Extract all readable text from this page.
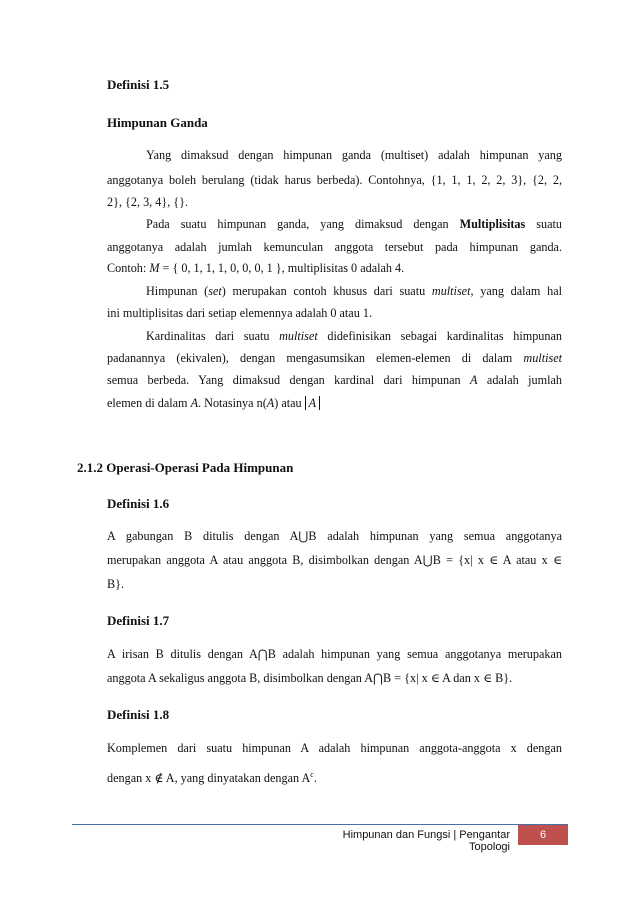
Definisi 1.5
Himpunan Ganda
Yang dimaksud dengan himpunan ganda (multiset) adalah himpunan yang
anggotanya boleh berulang (tidak harus berbeda). Contohnya, {1, 1, 1, 2, 2, 3}, {2, 2,
2}, {2, 3, 4}, {}.
Pada suatu himpunan ganda, yang dimaksud dengan Multiplisitas suatu
anggotanya adalah jumlah kemunculan anggota tersebut pada himpunan ganda.
Contoh: M = { 0, 1, 1, 1, 0, 0, 0, 1 }, multiplisitas 0 adalah 4.
Himpunan (set) merupakan contoh khusus dari suatu multiset, yang dalam hal
ini multiplisitas dari setiap elemennya adalah 0 atau 1.
Kardinalitas dari suatu multiset didefinisikan sebagai kardinalitas himpunan
padanannya (ekivalen), dengan mengasumsikan elemen-elemen di dalam multiset
semua berbeda. Yang dimaksud dengan kardinal dari himpunan A adalah jumlah
elemen di dalam A. Notasinya n(A) atau A
2.1.2 Operasi-Operasi Pada Himpunan
Definisi 1.6
A gabungan B ditulis dengan A⋃B adalah himpunan yang semua anggotanya
merupakan anggota A atau anggota B, disimbolkan dengan A⋃B = {x| x ∈ A atau x ∈
B}.
Definisi 1.7
A irisan B ditulis dengan A⋂B adalah himpunan yang semua anggotanya merupakan
anggota A sekaligus anggota B, disimbolkan dengan A⋂B = {x| x ∈ A dan x ∈ B}.
Definisi 1.8
Komplemen dari suatu himpunan A adalah himpunan anggota-anggota x dengan
dengan x ∉ A, yang dinyatakan dengan $A^c$.
Himpunan dan Fungsi | Pengantar Topologi
6
